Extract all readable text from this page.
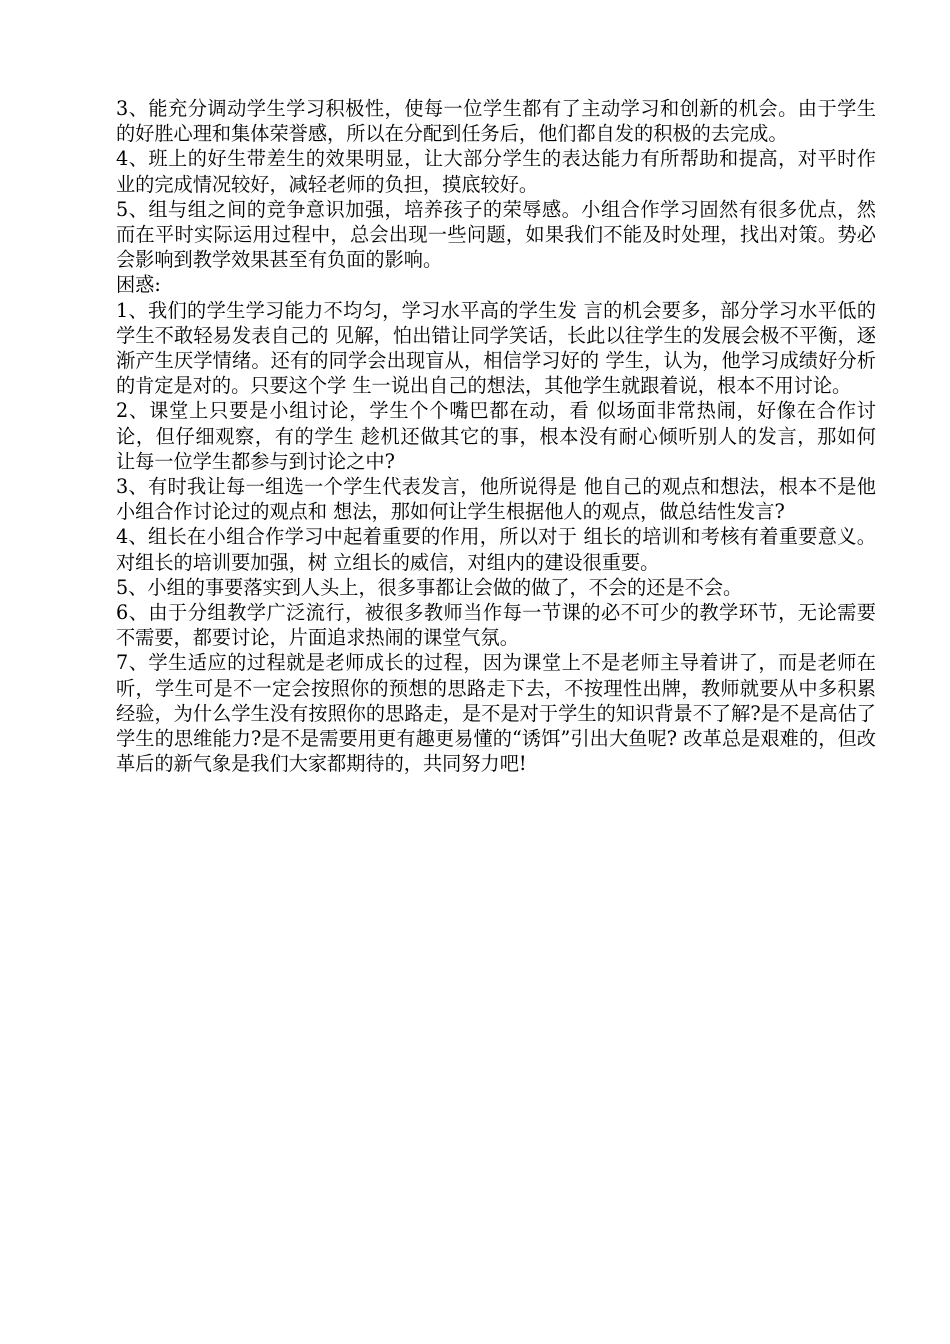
3、能充分调动学生学习积极性，使每一位学生都有了主动学习和创新的机会。由于学生的好胜心理和集体荣誉感，所以在分配到任务后，他们都自发的积极的去完成。

4、班上的好生带差生的效果明显，让大部分学生的表达能力有所帮助和提高，对平时作业的完成情况较好，减轻老师的负担，摸底较好。

5、组与组之间的竞争意识加强，培养孩子的荣辱感。小组合作学习固然有很多优点，然而在平时实际运用过程中，总会出现一些问题，如果我们不能及时处理，找出对策。势必会影响到教学效果甚至有负面的影响。

困惑:

1、我们的学生学习能力不均匀，学习水平高的学生发 言的机会要多，部分学习水平低的学生不敢轻易发表自己的 见解，怕出错让同学笑话，长此以往学生的发展会极不平衡，逐渐产生厌学情绪。还有的同学会出现盲从，相信学习好的 学生，认为，他学习成绩好分析的肯定是对的。只要这个学 生一说出自己的想法，其他学生就跟着说，根本不用讨论。

2、课堂上只要是小组讨论，学生个个嘴巴都在动，看 似场面非常热闹，好像在合作讨论，但仔细观察，有的学生 趁机还做其它的事，根本没有耐心倾听别人的发言，那如何 让每一位学生都参与到讨论之中?

3、有时我让每一组选一个学生代表发言，他所说得是 他自己的观点和想法，根本不是他小组合作讨论过的观点和 想法，那如何让学生根据他人的观点，做总结性发言?

4、组长在小组合作学习中起着重要的作用，所以对于 组长的培训和考核有着重要意义。对组长的培训要加强，树 立组长的威信，对组内的建设很重要。

5、小组的事要落实到人头上，很多事都让会做的做了，不会的还是不会。

6、由于分组教学广泛流行，被很多教师当作每一节课的必不可少的教学环节，无论需要不需要，都要讨论，片面追求热闹的课堂气氛。

7、学生适应的过程就是老师成长的过程，因为课堂上不是老师主导着讲了，而是老师在听，学生可是不一定会按照你的预想的思路走下去，不按理性出牌，教师就要从中多积累经验，为什么学生没有按照你的思路走，是不是对于学生的知识背景不了解?是不是高估了学生的思维能力?是不是需要用更有趣更易懂的“诱饵”引出大鱼呢? 改革总是艰难的，但改革后的新气象是我们大家都期待的，共同努力吧!
